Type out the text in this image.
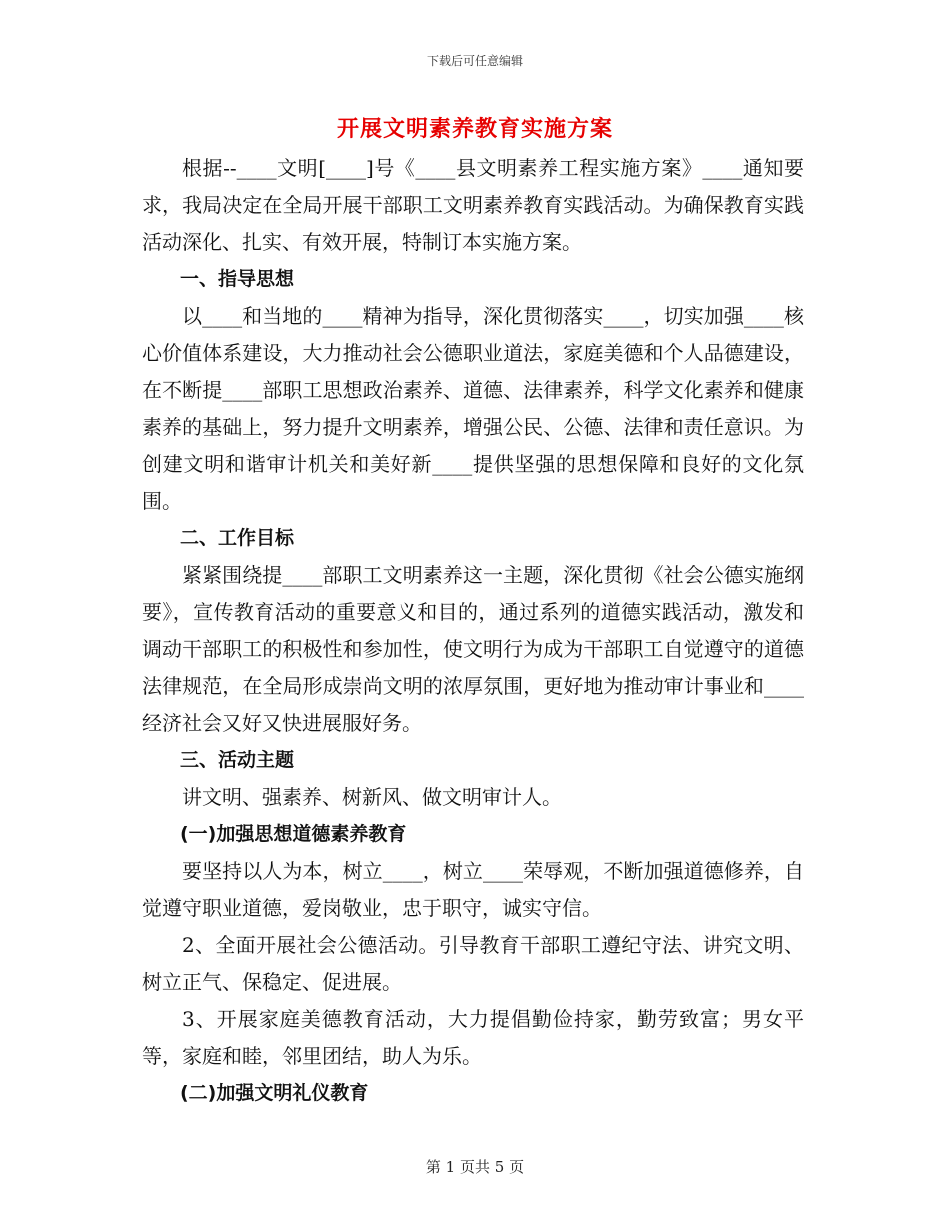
下载后可任意编辑
开展文明素养教育实施方案

根据--____文明[____]号《____县文明素养工程实施方案》____通知要求，我局决定在全局开展干部职工文明素养教育实践活动。为确保教育实践活动深化、扎实、有效开展，特制订本实施方案。

一、指导思想

以____和当地的____精神为指导，深化贯彻落实____，切实加强____核心价值体系建设，大力推动社会公德职业道法，家庭美德和个人品德建设，在不断提____部职工思想政治素养、道德、法律素养，科学文化素养和健康素养的基础上，努力提升文明素养，增强公民、公德、法律和责任意识。为创建文明和谐审计机关和美好新____提供坚强的思想保障和良好的文化氛围。

二、工作目标

紧紧围绕提____部职工文明素养这一主题，深化贯彻《社会公德实施纲要》，宣传教育活动的重要意义和目的，通过系列的道德实践活动，激发和调动干部职工的积极性和参加性，使文明行为成为干部职工自觉遵守的道德法律规范，在全局形成崇尚文明的浓厚氛围，更好地为推动审计事业和____经济社会又好又快进展服好务。

三、活动主题

讲文明、强素养、树新风、做文明审计人。

(一)加强思想道德素养教育

要坚持以人为本，树立____，树立____荣辱观，不断加强道德修养，自觉遵守职业道德，爱岗敬业，忠于职守，诚实守信。

2、全面开展社会公德活动。引导教育干部职工遵纪守法、讲究文明、树立正气、保稳定、促进展。

3、开展家庭美德教育活动，大力提倡勤俭持家，勤劳致富；男女平等，家庭和睦，邻里团结，助人为乐。

(二)加强文明礼仪教育

第 1 页共 5 页
